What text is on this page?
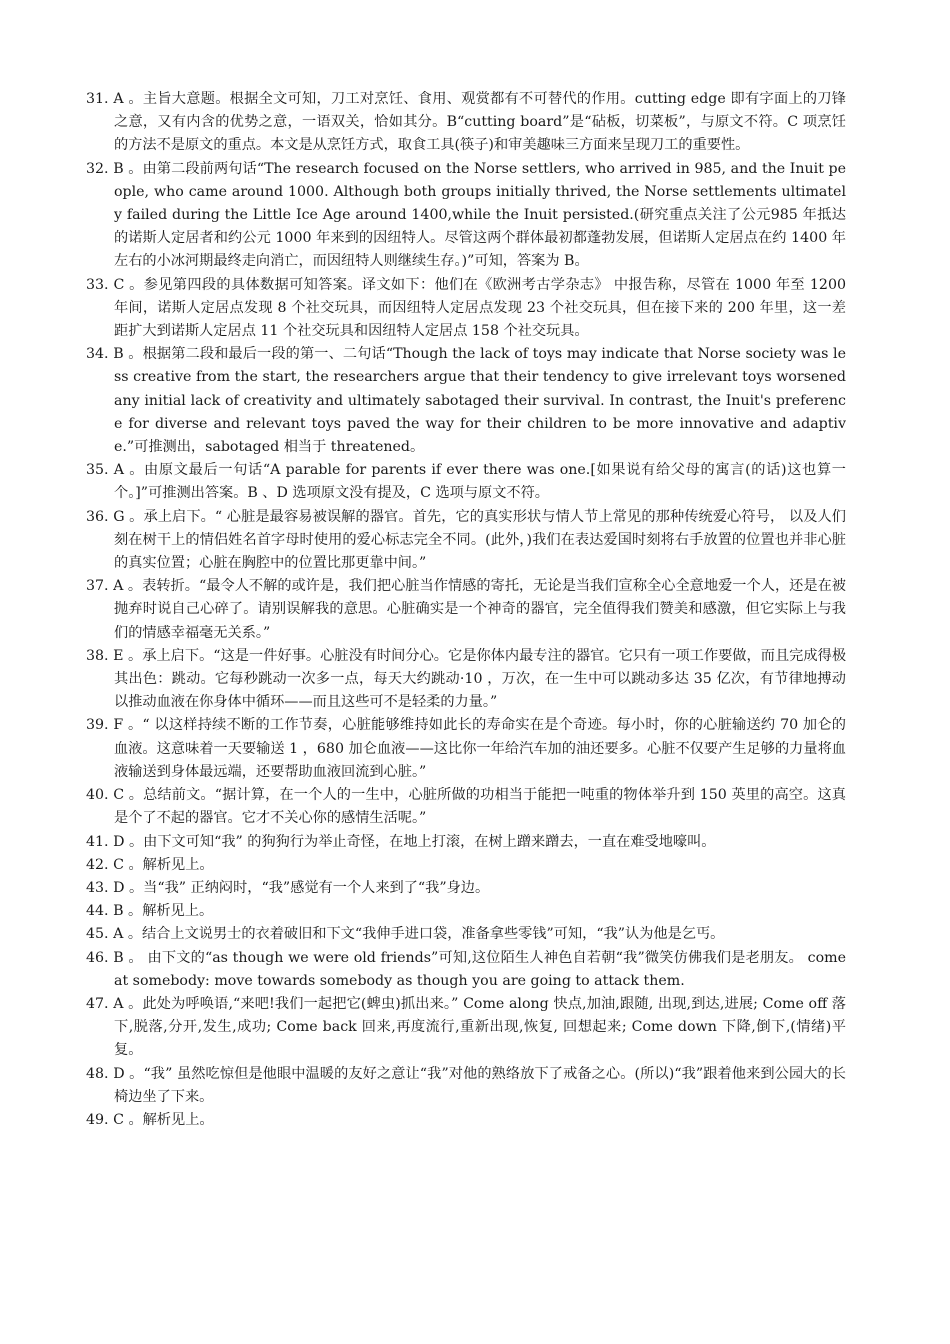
31. A 。主旨大意题。根据全文可知，刀工对烹饪、食用、观赏都有不可替代的作用。cutting edge 即有字面上的刀锋之意，又有内含的优势之意，一语双关，恰如其分。B“cutting board”是“砧板，切菜板”，与原文不符。C 项烹饪的方法不是原文的重点。本文是从烹饪方式，取食工具(筷子)和审美趣味三方面来呈现刀工的重要性。

32. B 。由第二段前两句话“The research focused on the Norse settlers, who arrived in 985, and the Inuit people, who came around 1000. Although both groups initially thrived, the Norse settlements ultimately failed during the Little Ice Age around 1400,while the Inuit persisted.(研究重点关注了公元985 年抵达的诺斯人定居者和约公元 1000 年来到的因纽特人。尽管这两个群体最初都蓬勃发展，但诺斯人定居点在约 1400 年左右的小冰河期最终走向消亡，而因纽特人则继续生存。)”可知，答案为 B。

33. C 。参见第四段的具体数据可知答案。译文如下：他们在《欧洲考古学杂志》 中报告称，尽管在 1000 年至 1200 年间，诺斯人定居点发现 8 个社交玩具，而因纽特人定居点发现 23 个社交玩具，但在接下来的 200 年里，这一差距扩大到诺斯人定居点 11 个社交玩具和因纽特人定居点 158 个社交玩具。

34. B 。根据第二段和最后一段的第一、二句话“Though the lack of toys may indicate that Norse society was less creative from the start, the researchers argue that their tendency to give irrelevant toys worsened any initial lack of creativity and ultimately sabotaged their survival. In contrast, the Inuit's preference for diverse and relevant toys paved the way for their children to be more innovative and adaptive.”可推测出，sabotaged 相当于 threatened。

35. A 。由原文最后一句话“A parable for parents if ever there was one.[如果说有给父母的寓言(的话)这也算一个。]”可推测出答案。B 、D 选项原文没有提及，C 选项与原文不符。

36. G 。承上启下。“ 心脏是最容易被误解的器官。首先，它的真实形状与情人节上常见的那种传统爱心符号， 以及人们刻在树干上的情侣姓名首字母时使用的爱心标志完全不同。(此外，)我们在表达爱国时刻将右手放置的位置也并非心脏的真实位置；心脏在胸腔中的位置比那更靠中间。”

37. A 。表转折。“最令人不解的或许是，我们把心脏当作情感的寄托，无论是当我们宣称全心全意地爱一个人，还是在被抛弃时说自己心碎了。请别误解我的意思。心脏确实是一个神奇的器官，完全值得我们赞美和感激，但它实际上与我们的情感幸福毫无关系。”

38. E 。承上启下。“这是一件好事。心脏没有时间分心。它是你体内最专注的器官。它只有一项工作要做，而且完成得极其出色：跳动。它每秒跳动一次多一点，每天大约跳动·10 ，万次，在一生中可以跳动多达 35 亿次，有节律地搏动以推动血液在你身体中循环——而且这些可不是轻柔的力量。”

39. F 。“ 以这样持续不断的工作节奏，心脏能够维持如此长的寿命实在是个奇迹。每小时，你的心脏输送约 70 加仑的血液。这意味着一天要输送 1 ，680 加仑血液——这比你一年给汽车加的油还要多。心脏不仅要产生足够的力量将血液输送到身体最远端，还要帮助血液回流到心脏。”

40. C 。总结前文。“据计算，在一个人的一生中，心脏所做的功相当于能把一吨重的物体举升到 150 英里的高空。这真是个了不起的器官。它才不关心你的感情生活呢。”

41. D 。由下文可知“我” 的狗狗行为举止奇怪，在地上打滚，在树上蹭来蹭去，一直在难受地嚎叫。

42. C 。解析见上。

43. D 。当“我” 正纳闷时，“我”感觉有一个人来到了“我”身边。

44. B 。解析见上。

45. A 。结合上文说男士的衣着破旧和下文“我伸手进口袋，准备拿些零钱”可知，“我”认为他是乞丐。

46. B 。 由下文的“as though we were old friends”可知,这位陌生人神色自若朝“我”微笑仿佛我们是老朋友。 come at somebody: move towards somebody as though you are going to attack them.

47. A 。此处为呼唤语,“来吧!我们一起把它(蜱虫)抓出来。” Come along 快点,加油,跟随, 出现,到达,进展; Come off 落下,脱落,分开,发生,成功; Come back 回来,再度流行,重新出现,恢复, 回想起来; Come down 下降,倒下,(情绪)平复。

48. D 。“我” 虽然吃惊但是他眼中温暖的友好之意让“我”对他的熟络放下了戒备之心。(所以)“我”跟着他来到公园大的长椅边坐了下来。

49. C 。解析见上。
